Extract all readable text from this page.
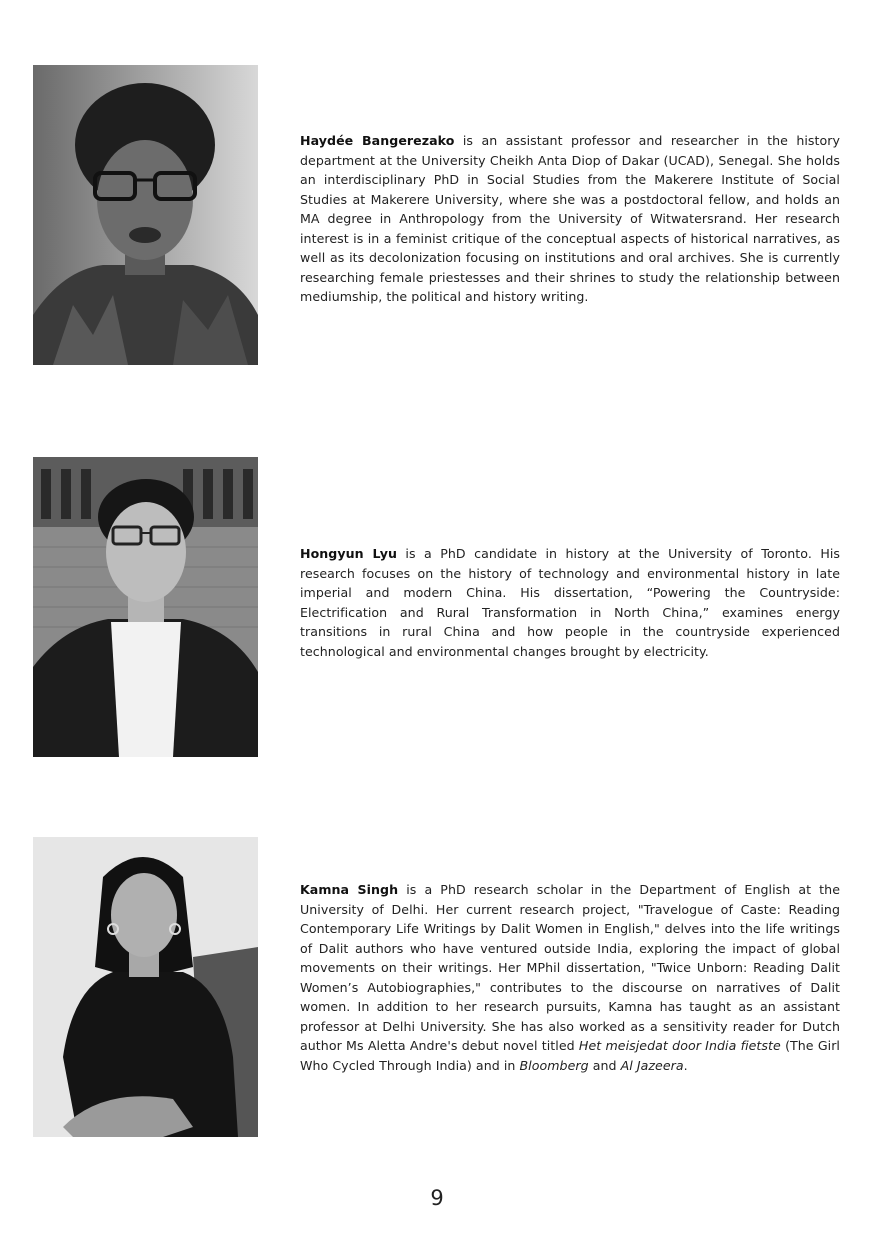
Haydée Bangerezako is an assistant professor and researcher in the history department at the University Cheikh Anta Diop of Dakar (UCAD), Senegal. She holds an interdisciplinary PhD in Social Studies from the Makerere Institute of Social Studies at Makerere University, where she was a postdoctoral fellow, and holds an MA degree in Anthropology from the University of Witwatersrand. Her research interest is in a feminist critique of the conceptual aspects of historical narratives, as well as its decolonization focusing on institutions and oral archives. She is currently researching female priestesses and their shrines to study the relationship between mediumship, the political and history writing.

Hongyun Lyu is a PhD candidate in history at the University of Toronto. His research focuses on the history of technology and environmental history in late imperial and modern China. His dissertation, “Powering the Countryside: Electrification and Rural Transformation in North China,” examines energy transitions in rural China and how people in the countryside experienced technological and environmental changes brought by electricity.

Kamna Singh is a PhD research scholar in the Department of English at the University of Delhi. Her current research project, "Travelogue of Caste: Reading Contemporary Life Writings by Dalit Women in English," delves into the life writings of Dalit authors who have ventured outside India, exploring the impact of global movements on their writings. Her MPhil dissertation, "Twice Unborn: Reading Dalit Women’s Autobiographies," contributes to the discourse on narratives of Dalit women. In addition to her research pursuits, Kamna has taught as an assistant professor at Delhi University. She has also worked as a sensitivity reader for Dutch author Ms Aletta Andre's debut novel titled Het meisjedat door India fietste (The Girl Who Cycled Through India) and in Bloomberg and Al Jazeera.

9
